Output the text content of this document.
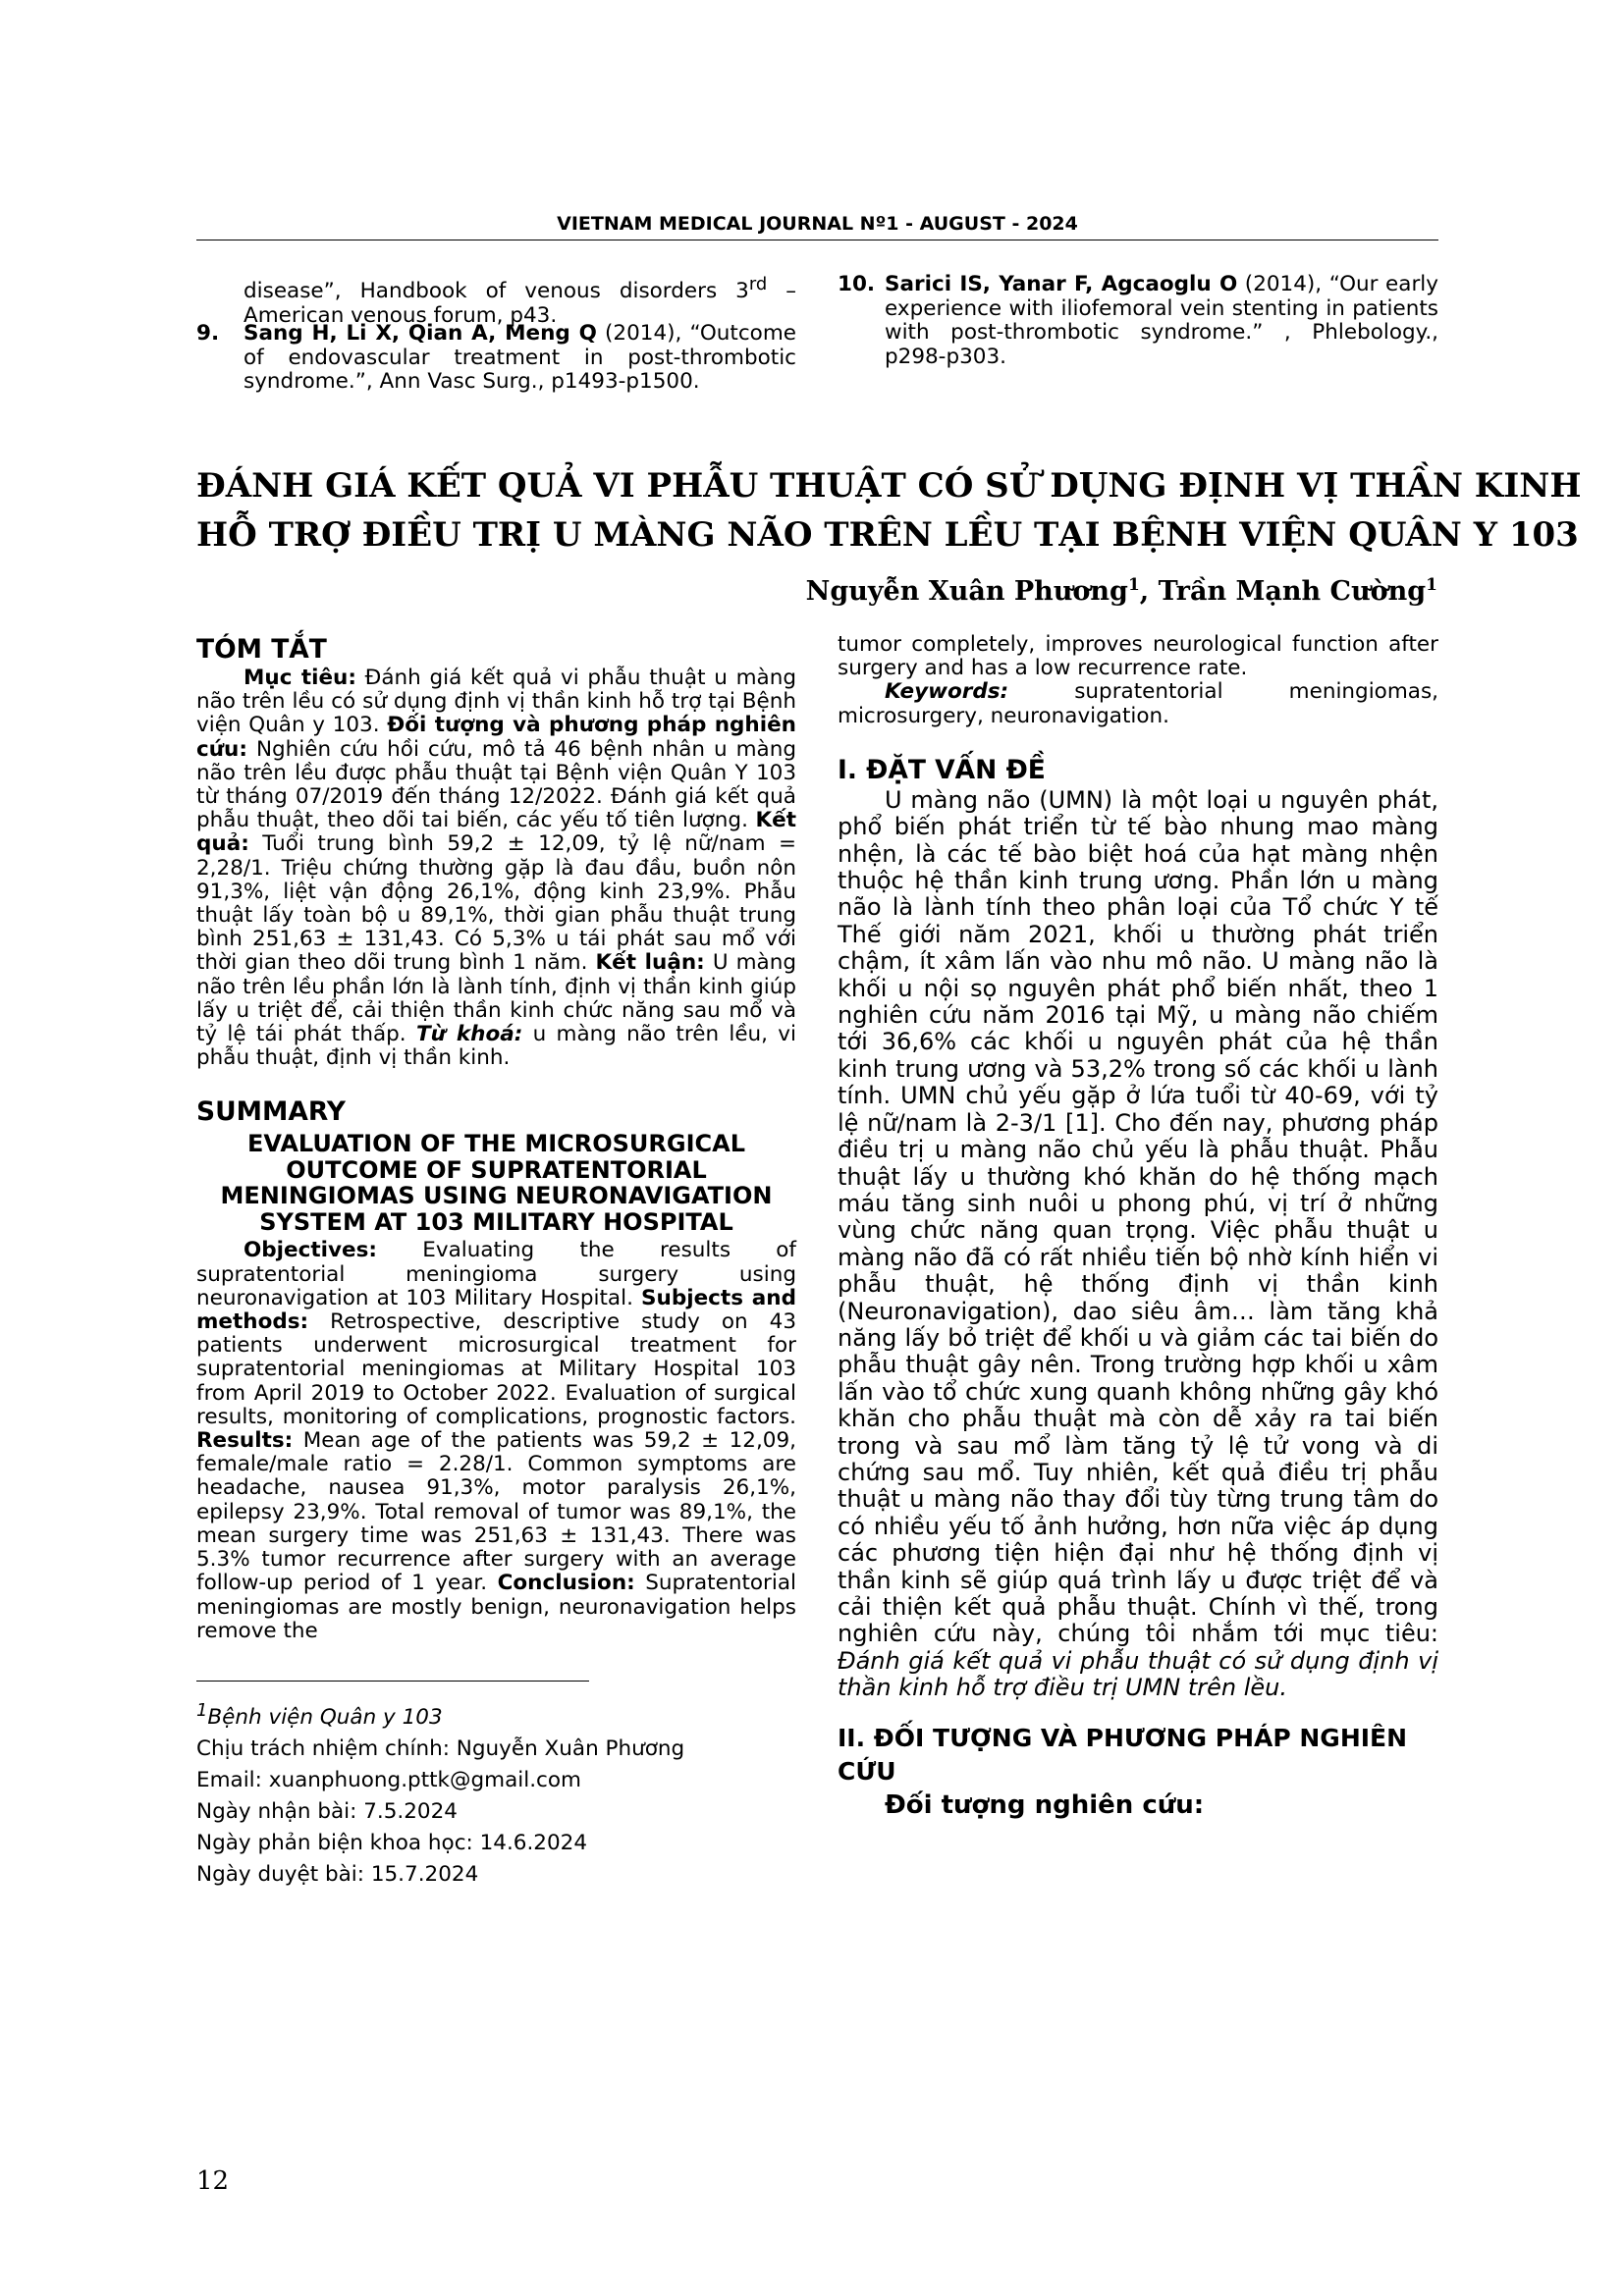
VIETNAM MEDICAL JOURNAL Nº1 - AUGUST - 2024
disease”, Handbook of venous disorders 3rd – American venous forum, p43.
9. Sang H, Li X, Qian A, Meng Q (2014), “Outcome of endovascular treatment in post-thrombotic syndrome.”, Ann Vasc Surg., p1493-p1500.
10. Sarici IS, Yanar F, Agcaoglu O (2014), “Our early experience with iliofemoral vein stenting in patients with post-thrombotic syndrome.” , Phlebology., p298-p303.
ĐÁNH GIÁ KẾT QUẢ VI PHẪU THUẬT CÓ SỬ DỤNG ĐỊNH VỊ THẦN KINH
HỖ TRỢ ĐIỀU TRỊ U MÀNG NÃO TRÊN LỀU TẠI BỆNH VIỆN QUÂN Y 103
Nguyễn Xuân Phương$^1$, Trần Mạnh Cường$^1$
TÓM TẮT

Mục tiêu: Đánh giá kết quả vi phẫu thuật u màng não trên lều có sử dụng định vị thần kinh hỗ trợ tại Bệnh viện Quân y 103. Đối tượng và phương pháp nghiên cứu: Nghiên cứu hồi cứu, mô tả 46 bệnh nhân u màng não trên lều được phẫu thuật tại Bệnh viện Quân Y 103 từ tháng 07/2019 đến tháng 12/2022. Đánh giá kết quả phẫu thuật, theo dõi tai biến, các yếu tố tiên lượng. Kết quả: Tuổi trung bình 59,2 ± 12,09, tỷ lệ nữ/nam = 2,28/1. Triệu chứng thường gặp là đau đầu, buồn nôn 91,3%, liệt vận động 26,1%, động kinh 23,9%. Phẫu thuật lấy toàn bộ u 89,1%, thời gian phẫu thuật trung bình 251,63 ± 131,43. Có 5,3% u tái phát sau mổ với thời gian theo dõi trung bình 1 năm. Kết luận: U màng não trên lều phần lớn là lành tính, định vị thần kinh giúp lấy u triệt để, cải thiện thần kinh chức năng sau mổ và tỷ lệ tái phát thấp. Từ khoá: u màng não trên lều, vi phẫu thuật, định vị thần kinh.

SUMMARY
EVALUATION OF THE MICROSURGICAL OUTCOME OF SUPRATENTORIAL MENINGIOMAS USING NEURONAVIGATION SYSTEM AT 103 MILITARY HOSPITAL

Objectives: Evaluating the results of supratentorial meningioma surgery using neuronavigation at 103 Military Hospital. Subjects and methods: Retrospective, descriptive study on 43 patients underwent microsurgical treatment for supratentorial meningiomas at Military Hospital 103 from April 2019 to October 2022. Evaluation of surgical results, monitoring of complications, prognostic factors. Results: Mean age of the patients was 59,2 ± 12,09, female/male ratio = 2.28/1. Common symptoms are headache, nausea 91,3%, motor paralysis 26,1%, epilepsy 23,9%. Total removal of tumor was 89,1%, the mean surgery time was 251,63 ± 131,43. There was 5.3% tumor recurrence after surgery with an average follow-up period of 1 year. Conclusion: Supratentorial meningiomas are mostly benign, neuronavigation helps remove the

$^1$Bệnh viện Quân y 103

Chịu trách nhiệm chính: Nguyễn Xuân Phương

Email: xuanphuong.pttk@gmail.com

Ngày nhận bài: 7.5.2024

Ngày phản biện khoa học: 14.6.2024

Ngày duyệt bài: 15.7.2024

tumor completely, improves neurological function after surgery and has a low recurrence rate.

Keywords: supratentorial meningiomas, microsurgery, neuronavigation.

I. ĐẶT VẤN ĐỀ

U màng não (UMN) là một loại u nguyên phát, phổ biến phát triển từ tế bào nhung mao màng nhện, là các tế bào biệt hoá của hạt màng nhện thuộc hệ thần kinh trung ương. Phần lớn u màng não là lành tính theo phân loại của Tổ chức Y tế Thế giới năm 2021, khối u thường phát triển chậm, ít xâm lấn vào nhu mô não. U màng não là khối u nội sọ nguyên phát phổ biến nhất, theo 1 nghiên cứu năm 2016 tại Mỹ, u màng não chiếm tới 36,6% các khối u nguyên phát của hệ thần kinh trung ương và 53,2% trong số các khối u lành tính. UMN chủ yếu gặp ở lứa tuổi từ 40-69, với tỷ lệ nữ/nam là 2-3/1 [1]. Cho đến nay, phương pháp điều trị u màng não chủ yếu là phẫu thuật. Phẫu thuật lấy u thường khó khăn do hệ thống mạch máu tăng sinh nuôi u phong phú, vị trí ở những vùng chức năng quan trọng. Việc phẫu thuật u màng não đã có rất nhiều tiến bộ nhờ kính hiển vi phẫu thuật, hệ thống định vị thần kinh (Neuronavigation), dao siêu âm… làm tăng khả năng lấy bỏ triệt để khối u và giảm các tai biến do phẫu thuật gây nên. Trong trường hợp khối u xâm lấn vào tổ chức xung quanh không những gây khó khăn cho phẫu thuật mà còn dễ xảy ra tai biến trong và sau mổ làm tăng tỷ lệ tử vong và di chứng sau mổ. Tuy nhiên, kết quả điều trị phẫu thuật u màng não thay đổi tùy từng trung tâm do có nhiều yếu tố ảnh hưởng, hơn nữa việc áp dụng các phương tiện hiện đại như hệ thống định vị thần kinh sẽ giúp quá trình lấy u được triệt để và cải thiện kết quả phẫu thuật. Chính vì thế, trong nghiên cứu này, chúng tôi nhắm tới mục tiêu: Đánh giá kết quả vi phẫu thuật có sử dụng định vị thần kinh hỗ trợ điều trị UMN trên lều.

II. ĐỐI TƯỢNG VÀ PHƯƠNG PHÁP NGHIÊN CỨU

Đối tượng nghiên cứu:

12
